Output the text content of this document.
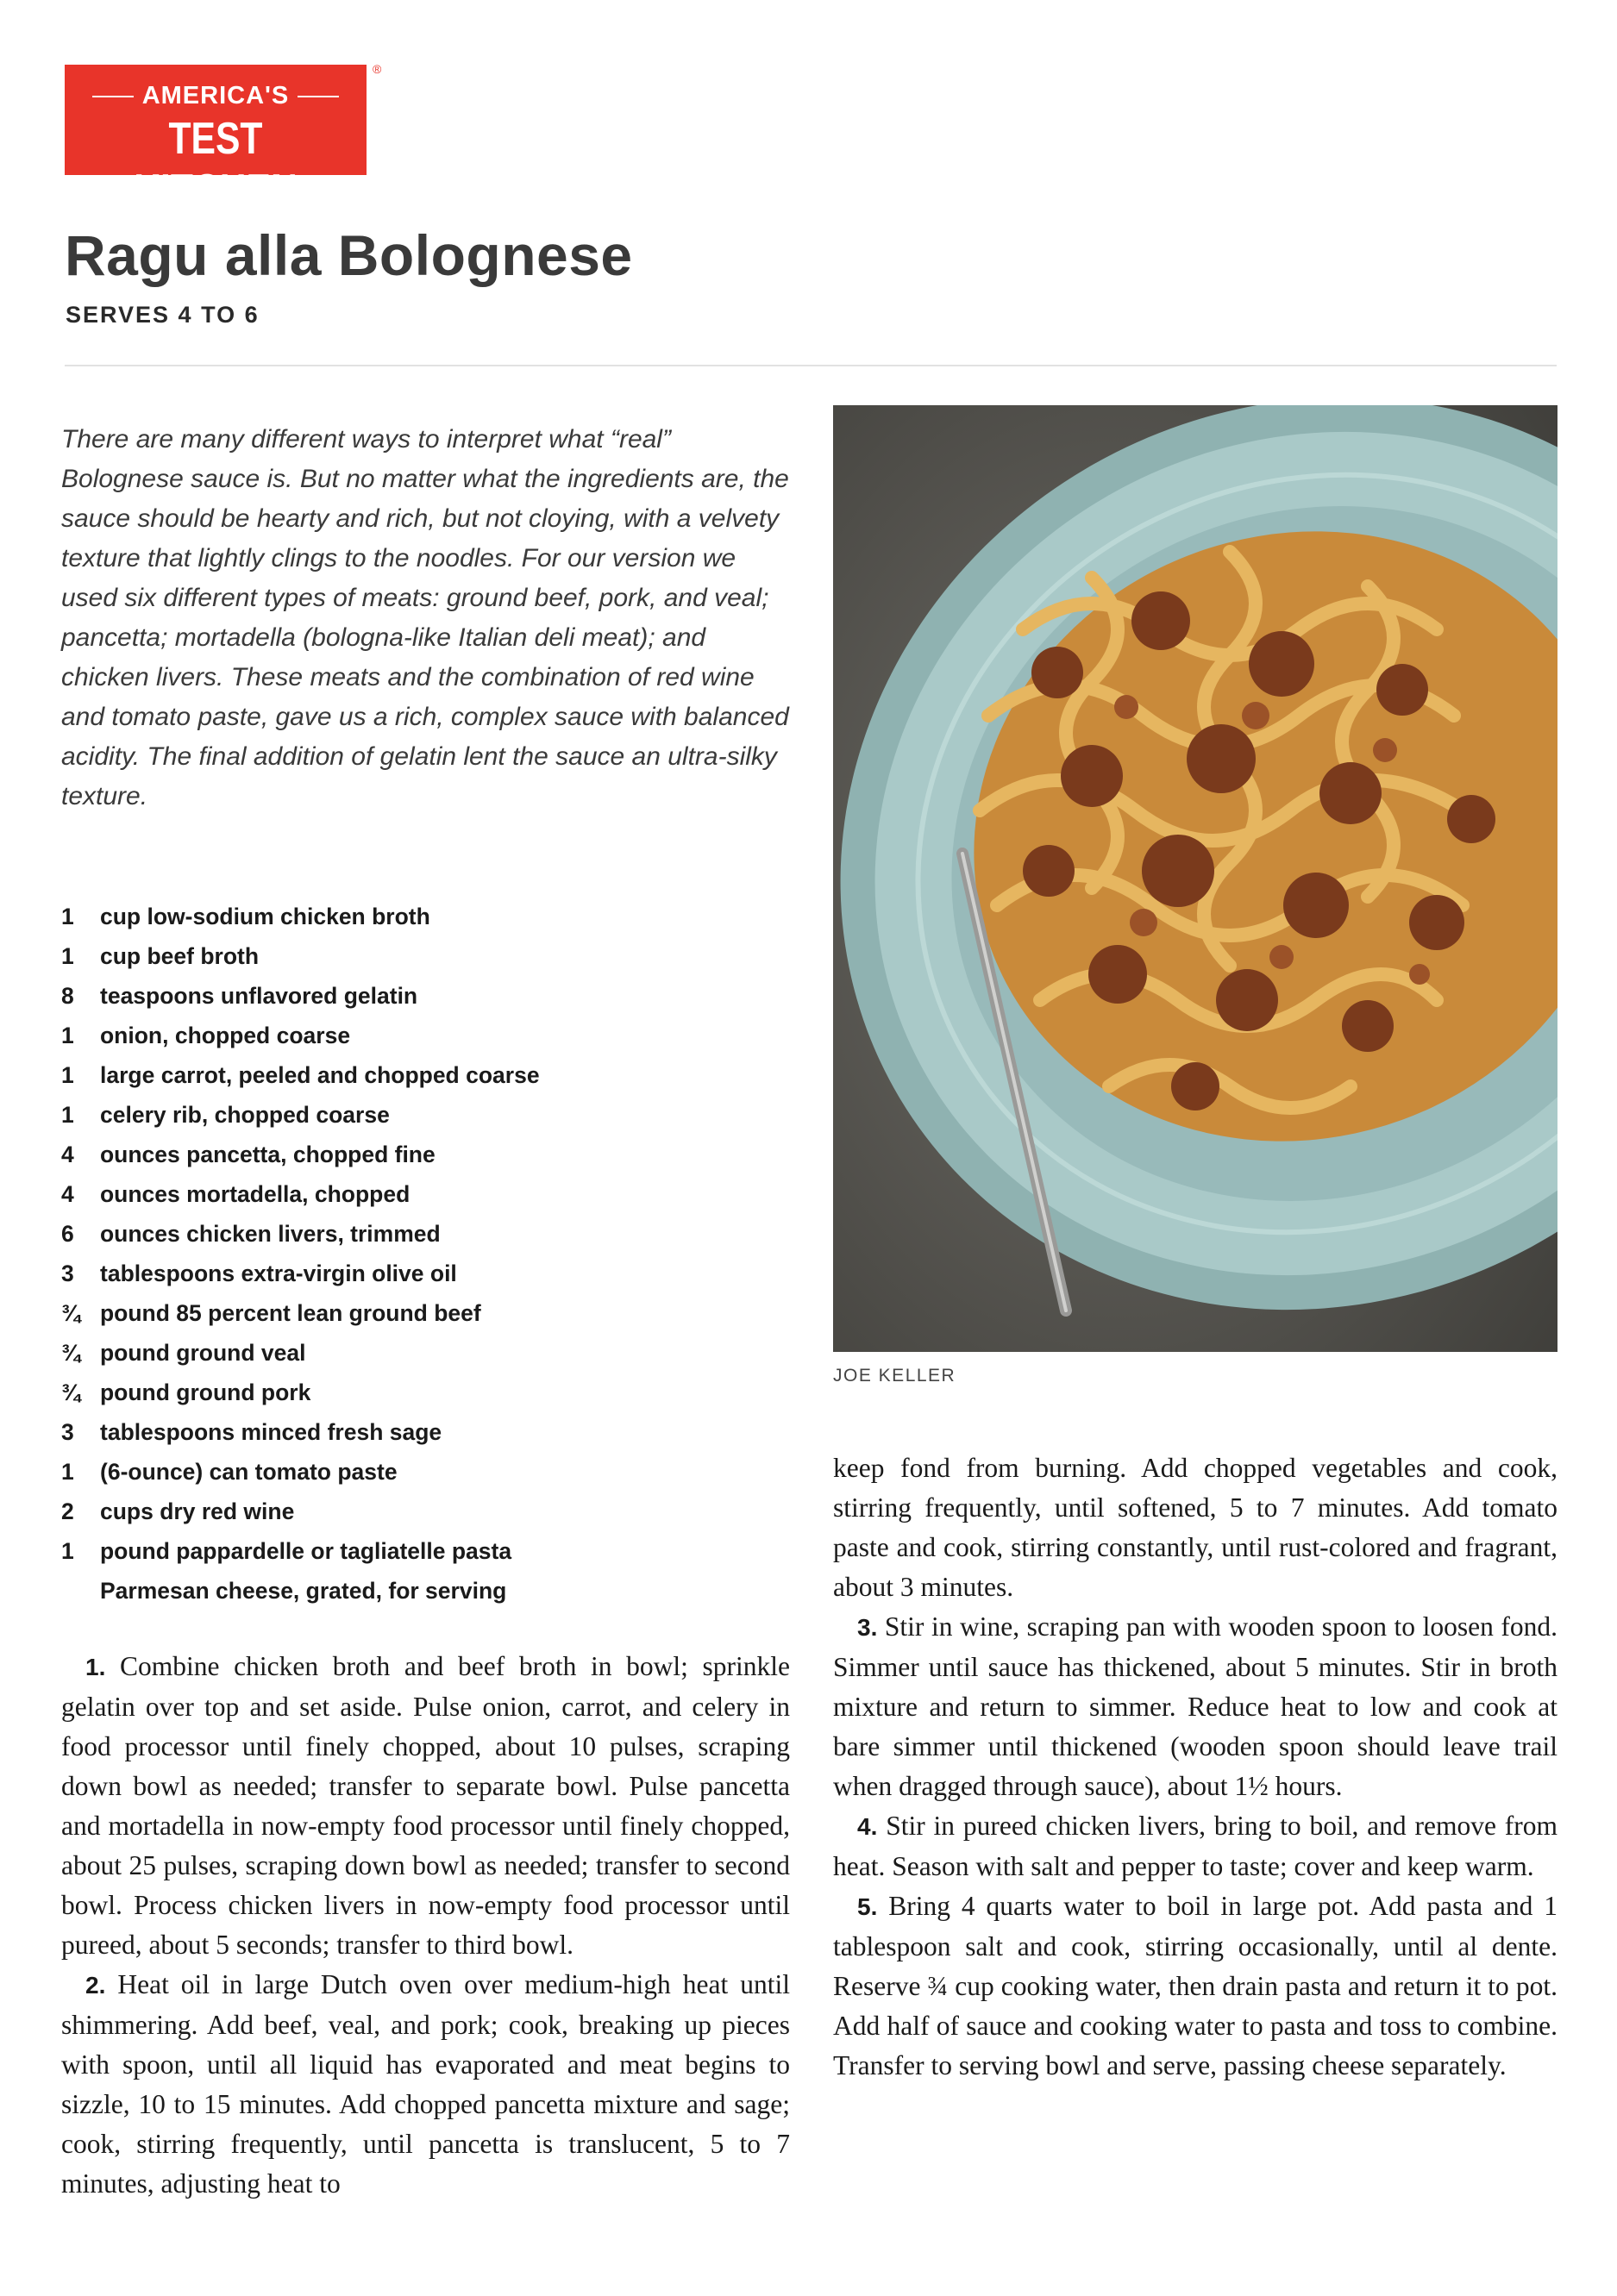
AMERICA'S
TEST KITCHEN
®
Ragu alla Bolognese
SERVES 4 TO 6
There are many different ways to interpret what “real” Bolognese sauce is. But no matter what the ingredients are, the sauce should be hearty and rich, but not cloying, with a velvety texture that lightly clings to the noodles. For our version we used six different types of meats: ground beef, pork, and veal; pancetta; mortadella (bologna-like Italian deli meat); and chicken livers. These meats and the combination of red wine and tomato paste, gave us a rich, complex sauce with balanced acidity. The final addition of gelatin lent the sauce an ultra-silky texture.
1 cup low-sodium chicken broth
1 cup beef broth
8 teaspoons unflavored gelatin
1 onion, chopped coarse
1 large carrot, peeled and chopped coarse
1 celery rib, chopped coarse
4 ounces pancetta, chopped fine
4 ounces mortadella, chopped
6 ounces chicken livers, trimmed
3 tablespoons extra-virgin olive oil
¾ pound 85 percent lean ground beef
¾ pound ground veal
¾ pound ground pork
3 tablespoons minced fresh sage
1 (6-ounce) can tomato paste
2 cups dry red wine
1 pound pappardelle or tagliatelle pasta
Parmesan cheese, grated, for serving

1. Combine chicken broth and beef broth in bowl; sprinkle gelatin over top and set aside. Pulse onion, carrot, and celery in food processor until finely chopped, about 10 pulses, scraping down bowl as needed; transfer to separate bowl. Pulse pancetta and mortadella in now-empty food processor until finely chopped, about 25 pulses, scraping down bowl as needed; transfer to second bowl. Process chicken livers in now-empty food processor until pureed, about 5 seconds; transfer to third bowl.

2. Heat oil in large Dutch oven over medium-high heat until shimmering. Add beef, veal, and pork; cook, breaking up pieces with spoon, until all liquid has evaporated and meat begins to sizzle, 10 to 15 minutes. Add chopped pancetta mixture and sage; cook, stirring frequently, until pancetta is translucent, 5 to 7 minutes, adjusting heat to

JOE KELLER

keep fond from burning. Add chopped vegetables and cook, stirring frequently, until softened, 5 to 7 minutes. Add tomato paste and cook, stirring constantly, until rust-colored and fragrant, about 3 minutes.

3. Stir in wine, scraping pan with wooden spoon to loosen fond. Simmer until sauce has thickened, about 5 minutes. Stir in broth mixture and return to simmer. Reduce heat to low and cook at bare simmer until thickened (wooden spoon should leave trail when dragged through sauce), about 1½ hours.

4. Stir in pureed chicken livers, bring to boil, and remove from heat. Season with salt and pepper to taste; cover and keep warm.

5. Bring 4 quarts water to boil in large pot. Add pasta and 1 tablespoon salt and cook, stirring occasionally, until al dente. Reserve ¾ cup cooking water, then drain pasta and return it to pot. Add half of sauce and cooking water to pasta and toss to combine. Transfer to serving bowl and serve, passing cheese separately.
